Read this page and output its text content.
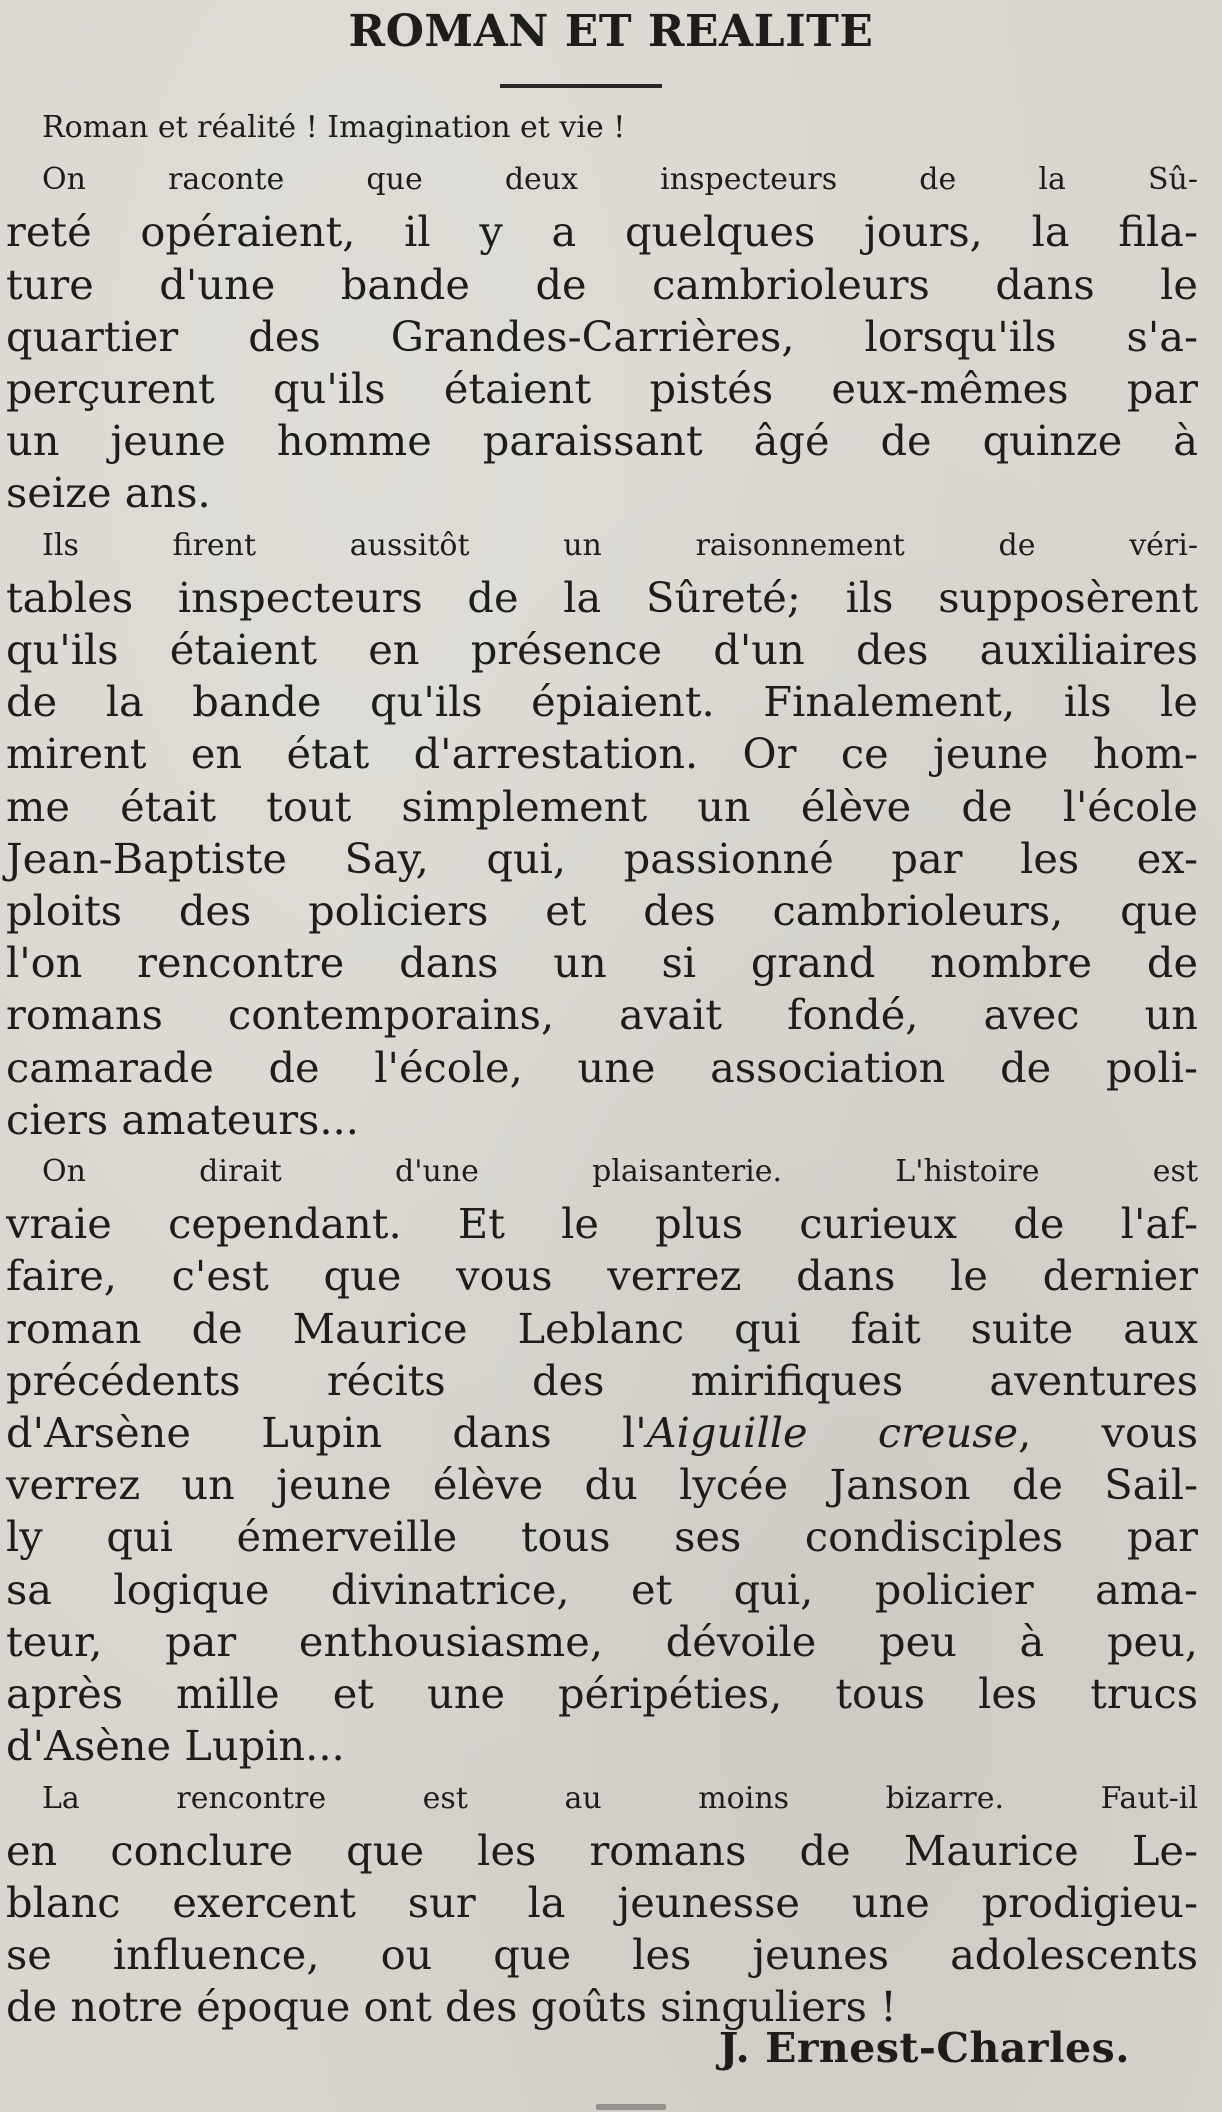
ROMAN ET REALITE

Roman et réalité ! Imagination et vie !

On raconte que deux inspecteurs de la Sû-
reté opéraient, il y a quelques jours, la fila-
ture d'une bande de cambrioleurs dans le
quartier des Grandes-Carrières, lorsqu'ils s'a-
perçurent qu'ils étaient pistés eux-mêmes par
un jeune homme paraissant âgé de quinze à
seize ans.

Ils firent aussitôt un raisonnement de véri-
tables inspecteurs de la Sûreté; ils supposèrent
qu'ils étaient en présence d'un des auxiliaires
de la bande qu'ils épiaient. Finalement, ils le
mirent en état d'arrestation. Or ce jeune hom-
me était tout simplement un élève de l'école
Jean-Baptiste Say, qui, passionné par les ex-
ploits des policiers et des cambrioleurs, que
l'on rencontre dans un si grand nombre de
romans contemporains, avait fondé, avec un
camarade de l'école, une association de poli-
ciers amateurs...

On dirait d'une plaisanterie. L'histoire est
vraie cependant. Et le plus curieux de l'af-
faire, c'est que vous verrez dans le dernier
roman de Maurice Leblanc qui fait suite aux
précédents récits des mirifiques aventures
d'Arsène Lupin dans l'Aiguille creuse, vous
verrez un jeune élève du lycée Janson de Sail-
ly qui émerveille tous ses condisciples par
sa logique divinatrice, et qui, policier ama-
teur, par enthousiasme, dévoile peu à peu,
après mille et une péripéties, tous les trucs
d'Asène Lupin...

La rencontre est au moins bizarre. Faut-il
en conclure que les romans de Maurice Le-
blanc exercent sur la jeunesse une prodigieu-
se influence, ou que les jeunes adolescents
de notre époque ont des goûts singuliers !

J. Ernest-Charles.
